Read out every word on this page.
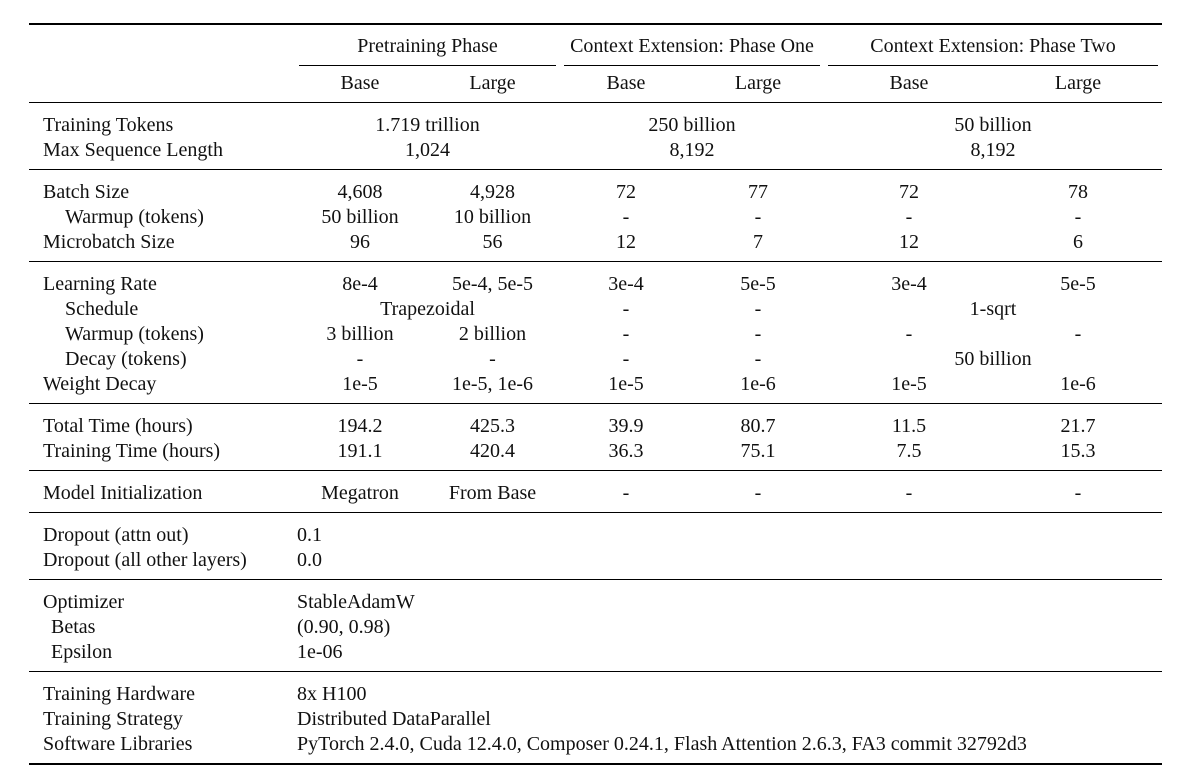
	Pretraining Phase		Context Extension: Phase One		Context Extension: Phase Two	

	Base	Large	Base	Large	Base	Large

Training Tokens	1.719 trillion		250 billion		50 billion	
Max Sequence Length	1,024		8,192		8,192	

Batch Size	4,608	4,928	72	77	72	78
Warmup (tokens)	50 billion	10 billion	-	-	-	-
Microbatch Size	96	56	12	7	12	6

Learning Rate	8e-4	5e-4, 5e-5	3e-4	5e-5	3e-4	5e-5
Schedule	Trapezoidal		-	-	1-sqrt	
Warmup (tokens)	3 billion	2 billion	-	-	-	-
Decay (tokens)	-	-	-	-	50 billion	
Weight Decay	1e-5	1e-5, 1e-6	1e-5	1e-6	1e-5	1e-6

Total Time (hours)	194.2	425.3	39.9	80.7	11.5	21.7
Training Time (hours)	191.1	420.4	36.3	75.1	7.5	15.3

Model Initialization	Megatron	From Base	-	-	-	-

Dropout (attn out)	0.1					
Dropout (all other layers)	0.0					

Optimizer	StableAdamW					
Betas	(0.90, 0.98)					
Epsilon	1e-06					

Training Hardware	8x H100					
Training Strategy	Distributed DataParallel					
Software Libraries	PyTorch 2.4.0, Cuda 12.4.0, Composer 0.24.1, Flash Attention 2.6.3, FA3 commit 32792d3					
